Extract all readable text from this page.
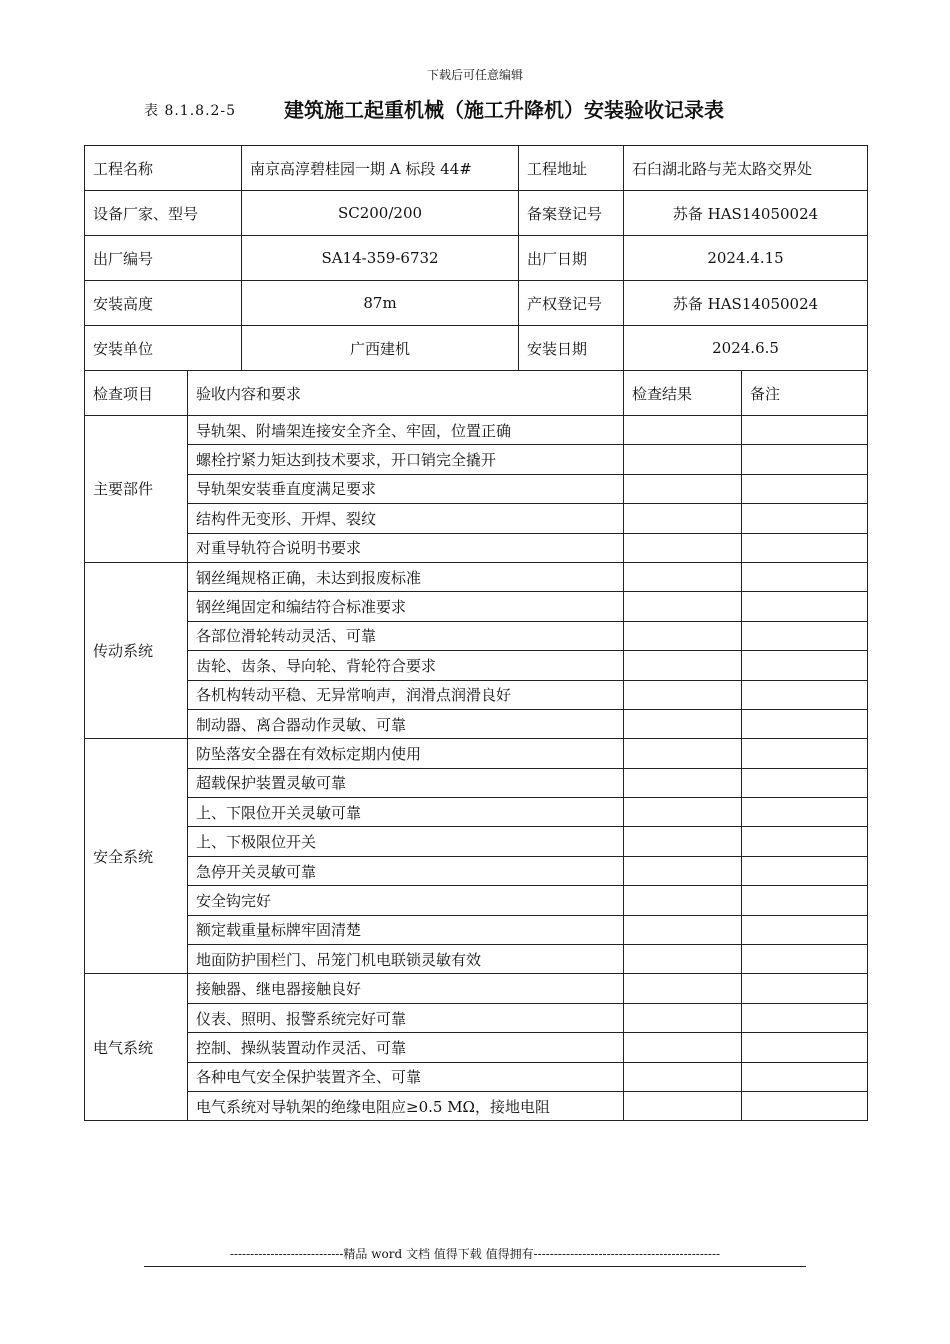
下载后可任意编辑
表 8.1.8.2-5 建筑施工起重机械（施工升降机）安装验收记录表
工程名称		南京高淳碧桂园一期 A 标段 44#	工程地址	石臼湖北路与芜太路交界处	
设备厂家、型号		SC200/200	备案登记号	苏备 HAS14050024	
出厂编号		SA14-359-6732	出厂日期	2024.4.15	
安装高度		87m	产权登记号	苏备 HAS14050024	
安装单位		广西建机	安装日期	2024.6.5	
检查项目	验收内容和要求			检查结果	备注
主要部件	导轨架、附墙架连接安全齐全、牢固，位置正确				
	螺栓拧紧力矩达到技术要求，开口销完全撬开				
	导轨架安装垂直度满足要求				
	结构件无变形、开焊、裂纹				
	对重导轨符合说明书要求				
传动系统	钢丝绳规格正确，未达到报废标准				
	钢丝绳固定和编结符合标准要求				
	各部位滑轮转动灵活、可靠				
	齿轮、齿条、导向轮、背轮符合要求				
	各机构转动平稳、无异常响声，润滑点润滑良好				
	制动器、离合器动作灵敏、可靠				
安全系统	防坠落安全器在有效标定期内使用				
	超载保护装置灵敏可靠				
	上、下限位开关灵敏可靠				
	上、下极限位开关				
	急停开关灵敏可靠				
	安全钩完好				
	额定载重量标牌牢固清楚				
	地面防护围栏门、吊笼门机电联锁灵敏有效				
电气系统	接触器、继电器接触良好				
	仪表、照明、报警系统完好可靠				
	控制、操纵装置动作灵活、可靠				
	各种电气安全保护装置齐全、可靠				
	电气系统对导轨架的绝缘电阻应≥0.5 MΩ，接地电阻				
----------------------------精品 word 文档 值得下载 值得拥有----------------------------------------------
